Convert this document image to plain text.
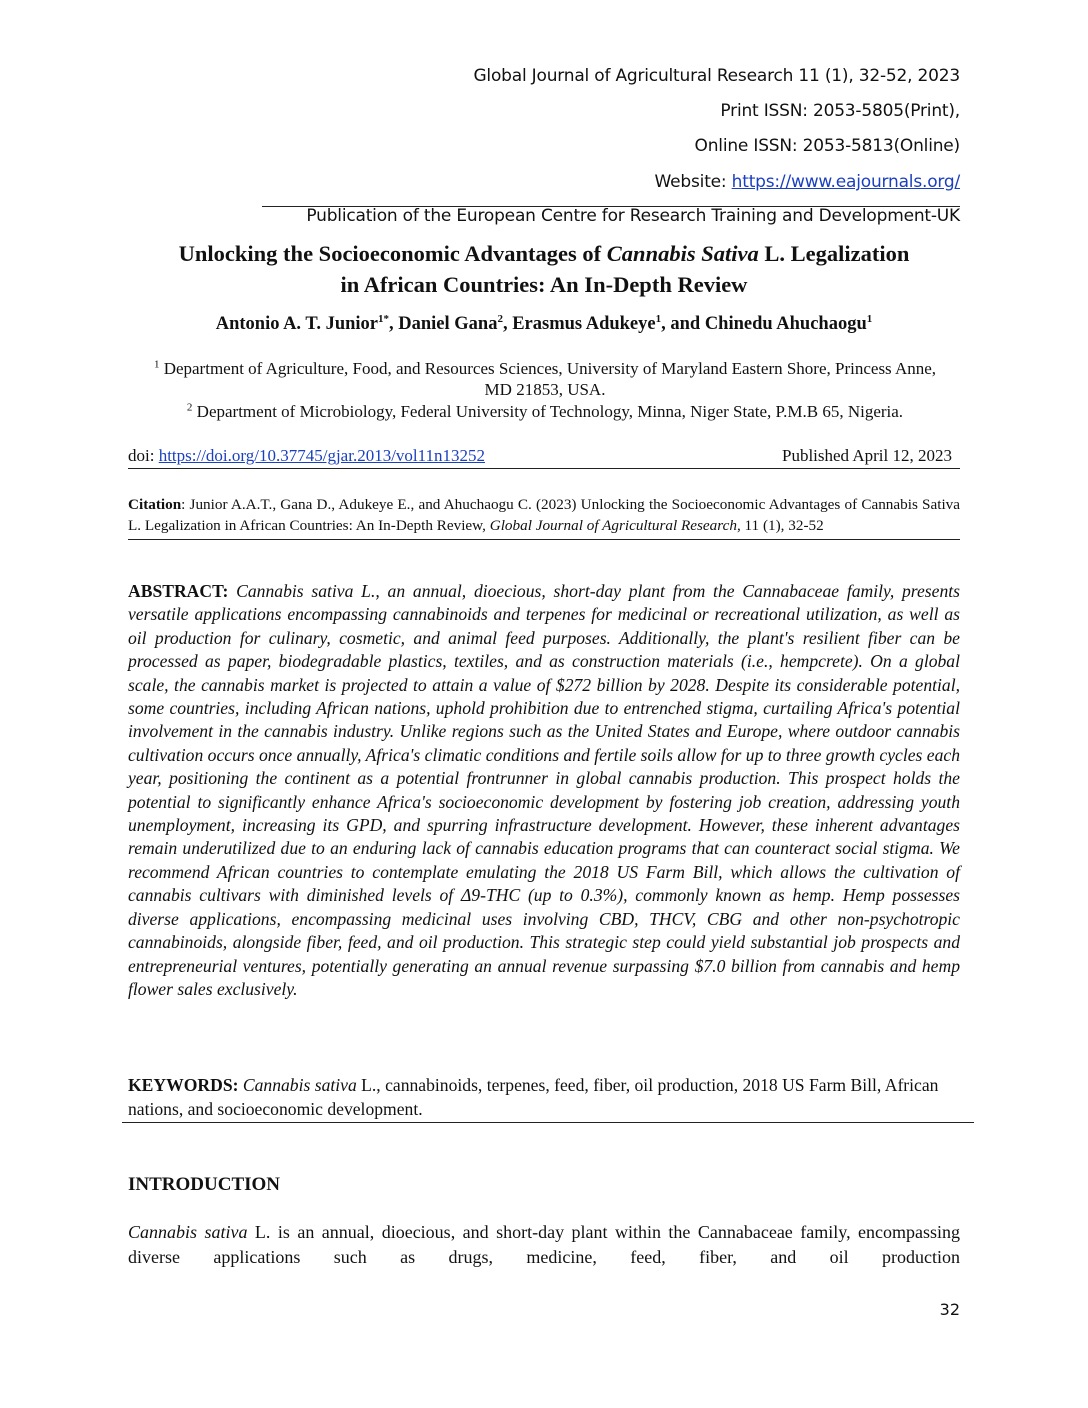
Global Journal of Agricultural Research 11 (1), 32-52, 2023
Print ISSN: 2053-5805(Print),
Online ISSN: 2053-5813(Online)
Website: https://www.eajournals.org/
Publication of the European Centre for Research Training and Development-UK
Unlocking the Socioeconomic Advantages of Cannabis Sativa L. Legalization
in African Countries: An In-Depth Review
Antonio A. T. Junior$^{1*}$, Daniel Gana$^2$, Erasmus Adukeye$^1$, and Chinedu Ahuchaogu$^1$
$^1$ Department of Agriculture, Food, and Resources Sciences, University of Maryland Eastern Shore, Princess Anne, MD 21853, USA.
$^2$ Department of Microbiology, Federal University of Technology, Minna, Niger State, P.M.B 65, Nigeria.
doi: https://doi.org/10.37745/gjar.2013/vol11n13252	Published April 12, 2023
Citation: Junior A.A.T., Gana D., Adukeye E., and Ahuchaogu C. (2023) Unlocking the Socioeconomic Advantages of Cannabis Sativa L. Legalization in African Countries: An In-Depth Review, Global Journal of Agricultural Research, 11 (1), 32-52
ABSTRACT: Cannabis sativa L., an annual, dioecious, short-day plant from the Cannabaceae family, presents versatile applications encompassing cannabinoids and terpenes for medicinal or recreational utilization, as well as oil production for culinary, cosmetic, and animal feed purposes. Additionally, the plant's resilient fiber can be processed as paper, biodegradable plastics, textiles, and as construction materials (i.e., hempcrete). On a global scale, the cannabis market is projected to attain a value of $272 billion by 2028. Despite its considerable potential, some countries, including African nations, uphold prohibition due to entrenched stigma, curtailing Africa's potential involvement in the cannabis industry. Unlike regions such as the United States and Europe, where outdoor cannabis cultivation occurs once annually, Africa's climatic conditions and fertile soils allow for up to three growth cycles each year, positioning the continent as a potential frontrunner in global cannabis production. This prospect holds the potential to significantly enhance Africa's socioeconomic development by fostering job creation, addressing youth unemployment, increasing its GPD, and spurring infrastructure development. However, these inherent advantages remain underutilized due to an enduring lack of cannabis education programs that can counteract social stigma. We recommend African countries to contemplate emulating the 2018 US Farm Bill, which allows the cultivation of cannabis cultivars with diminished levels of Δ9-THC (up to 0.3%), commonly known as hemp. Hemp possesses diverse applications, encompassing medicinal uses involving CBD, THCV, CBG and other non-psychotropic cannabinoids, alongside fiber, feed, and oil production. This strategic step could yield substantial job prospects and entrepreneurial ventures, potentially generating an annual revenue surpassing $7.0 billion from cannabis and hemp flower sales exclusively.
KEYWORDS: Cannabis sativa L., cannabinoids, terpenes, feed, fiber, oil production, 2018 US Farm Bill, African nations, and socioeconomic development.
INTRODUCTION
Cannabis sativa L. is an annual, dioecious, and short-day plant within the Cannabaceae family, encompassing diverse applications such as drugs, medicine, feed, fiber, and oil production
32
